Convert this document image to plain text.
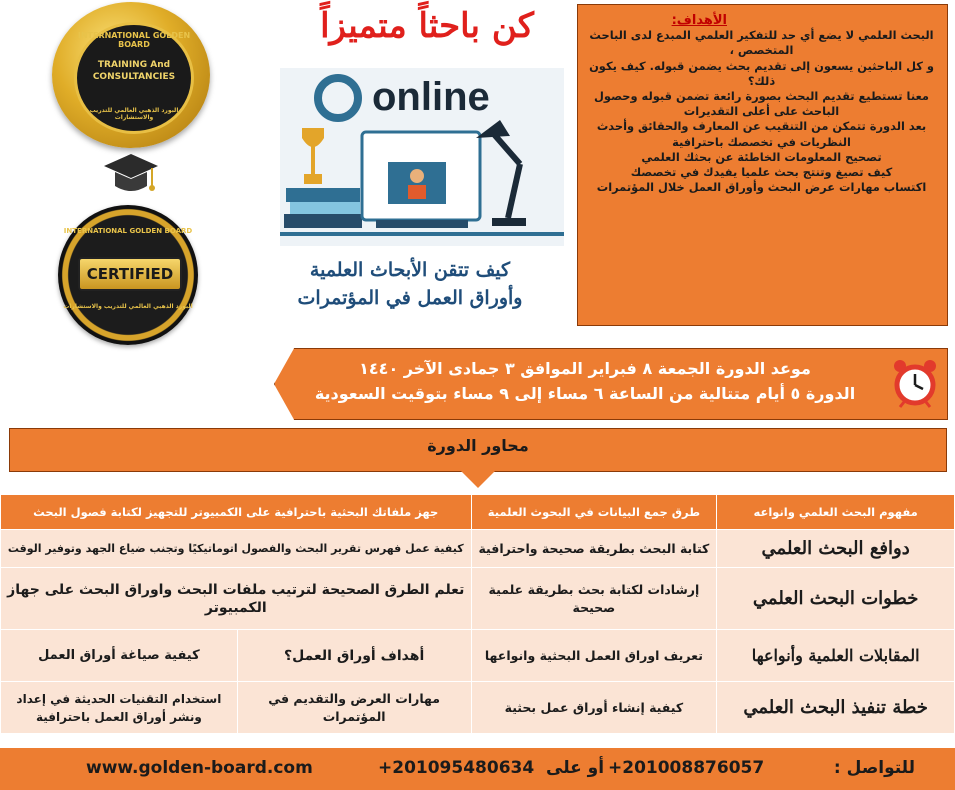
INTERNATIONAL GOLDEN BOARD
TRAINING And CONSULTANCIES
البورد الذهبي العالمي للتدريب والاستشارات
INTERNATIONAL GOLDEN BOARD
CERTIFIED
البورد الذهبي العالمي للتدريب والاستشارات
كن باحثاً متميزاً
online
كيف تتقن الأبحاث العلمية
وأوراق العمل في المؤتمرات
الأهداف:

البحث العلمي لا يضع أي حد للتفكير العلمي المبدع لدى الباحث المتخصص ،

و كل الباحثين يسعون إلى تقديم بحث يضمن قبوله. كيف يكون ذلك؟

معنا تستطيع تقديم البحث بصورة رائعة تضمن قبوله وحصول الباحث على أعلى التقديرات

بعد الدورة تتمكن من التنقيب عن المعارف والحقائق وأحدث النظريات في تخصصك باحترافية

تصحيح المعلومات الخاطئة عن بحثك العلمي

كيف تصيغ وتنتج بحث علميا يفيدك في تخصصك

اكتساب مهارات عرض البحث وأوراق العمل خلال المؤتمرات

موعد الدورة الجمعة ٨ فبراير الموافق ٣ جمادى الآخر ١٤٤٠
الدورة ٥ أيام متتالية من الساعة ٦ مساء إلى ٩ مساء بتوقيت السعودية
محاور الدورة
مفهوم البحث العلمي وانواعه	طرق جمع البيانات في البحوث العلمية	جهز ملفاتك البحثية باحترافية على الكمبيوتر للتجهيز لكتابة فصول البحث	
دوافع البحث العلمي	كتابة البحث بطريقة صحيحة واحترافية	كيفية عمل فهرس تقرير البحث والفصول اتوماتيكيًا وتجنب ضياع الجهد وتوفير الوقت	
خطوات البحث العلمي	إرشادات لكتابة بحث بطريقة علمية صحيحة	تعلم الطرق الصحيحة لترتيب ملفات البحث واوراق البحث على جهاز الكمبيوتر	
المقابلات العلمية وأنواعها	تعريف اوراق العمل البحثية وانواعها	أهداف أوراق العمل؟	كيفية صياغة أوراق العمل
خطة تنفيذ البحث العلمي	كيفية إنشاء أوراق عمل بحثية	مهارات العرض والتقديم في المؤتمرات	استخدام التقنيات الحديثة في إعداد ونشر أوراق العمل باحترافية
للتواصل :
+201008876057
أو على
+201095480634
www.golden-board.com
